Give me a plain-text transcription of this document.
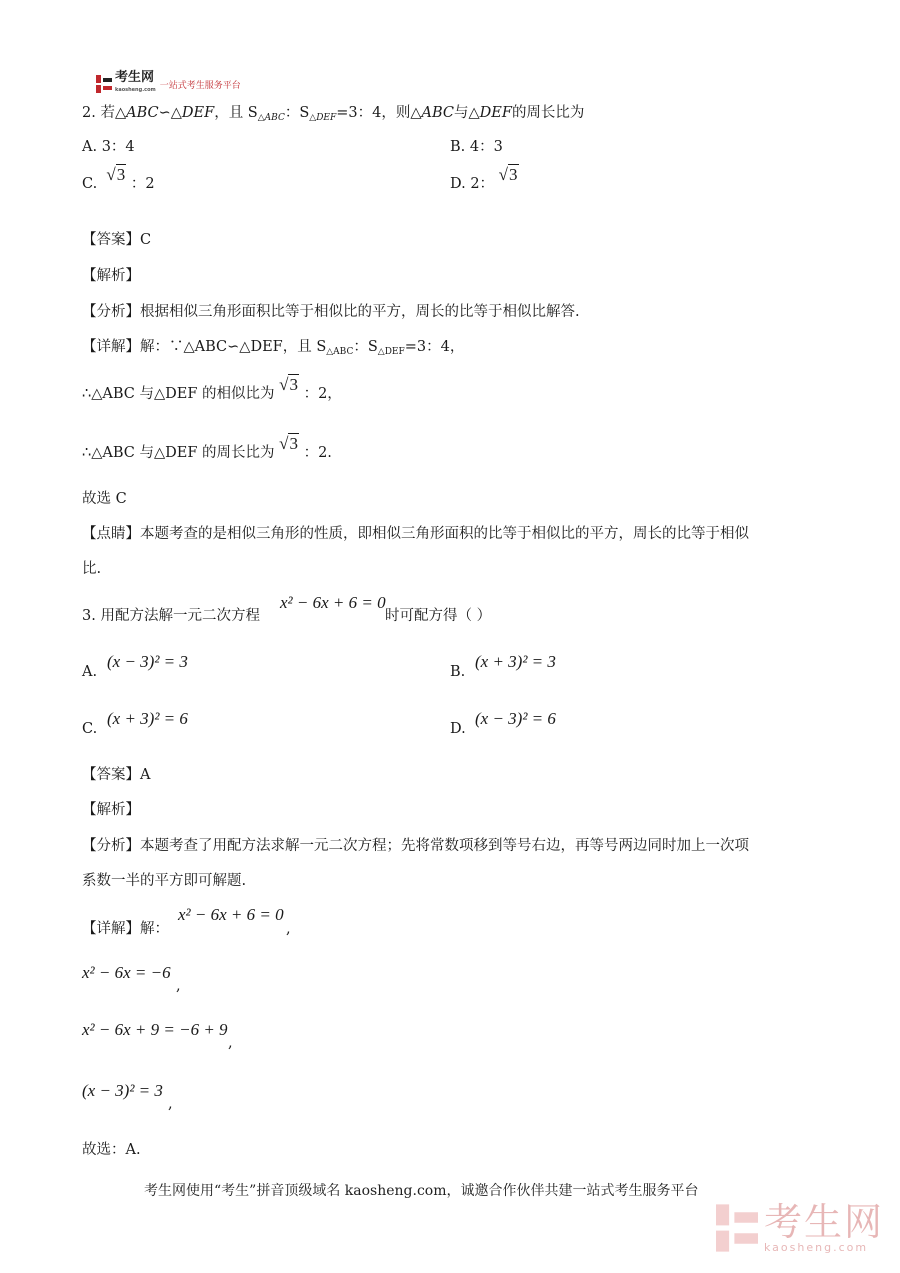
考生网
kaosheng.com 一站式考生服务平台
2. 若△ABC∽△DEF，且 $S_{\triangle ABC}$：$S_{\triangle DEF}=3$：4，则△ABC与△DEF的周长比为
A. 3：4	B. 4：3
C. √3 ：2	D. 2： √3
【答案】C
【解析】
【分析】根据相似三角形面积比等于相似比的平方，周长的比等于相似比解答.
【详解】解：∵△ABC∽△DEF，且 $S_{\triangle ABC}$：$S_{\triangle DEF}=3$：4，
∴△ABC 与△DEF 的相似比为 √3 ：2，
∴△ABC 与△DEF 的周长比为 √3 ：2.
故选 C
【点睛】本题考查的是相似三角形的性质，即相似三角形面积的比等于相似比的平方，周长的比等于相似
比.
3. 用配方法解一元二次方程
x² − 6x + 6 = 0
时可配方得（ ）
A.
(x − 3)² = 3
B.
(x + 3)² = 3
C.
(x + 3)² = 6
D.
(x − 3)² = 6
【答案】A
【解析】
【分析】本题考查了用配方法求解一元二次方程；先将常数项移到等号右边，再等号两边同时加上一次项
系数一半的平方即可解题.
【详解】解：
x² − 6x + 6 = 0
,
x² − 6x = −6
,
x² − 6x + 9 = −6 + 9
,
(x − 3)² = 3
,
故选：A.
考生网使用“考生”拼音顶级域名 kaosheng.com，诚邀合作伙伴共建一站式考生服务平台
考生网
kaosheng.com
